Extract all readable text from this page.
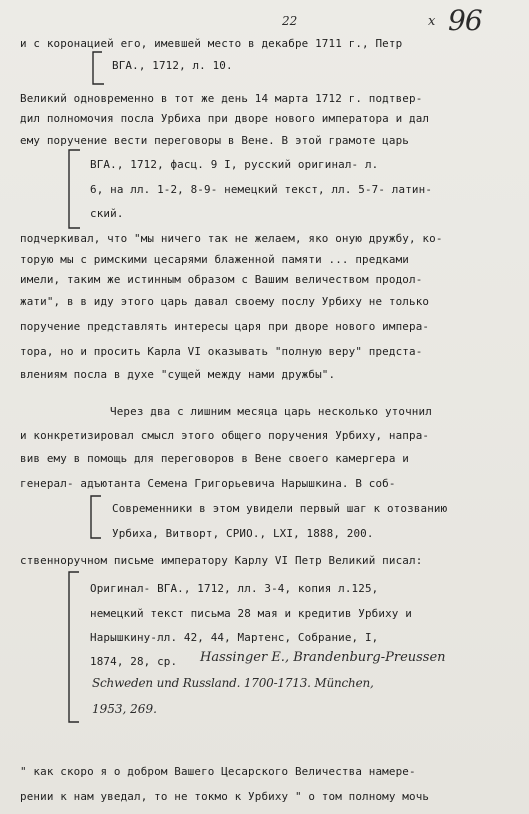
22	96
x
и с коронацией его, имевшей место в декабре 1711 г., Петр
ВГА., 1712, л. 10.
Великий одновременно в тот же день 14 марта 1712 г. подтвер-
дил полномочия посла Урбиха при дворе нового императора и дал
ему поручение вести переговоры в Вене. В этой грамоте царь
ВГА., 1712, фасц. 9 I, русский оригинал- л.
6, на лл. 1-2, 8-9- немецкий текст, лл. 5-7- латин-
ский.
подчеркивал, что "мы ничего так не желаем, яко оную дружбу, ко-
торую мы с римскими цесарями блаженной памяти ... предками
имели, таким же истинным образом с Вашим величеством продол-
жати", в в иду этого царь давал своему послу Урбиху не только
поручение представлять интересы царя при дворе нового импера-
тора, но и просить Карла VI оказывать "полную веру" предста-
влениям посла в духе "сущей между нами дружбы".
Через два с лишним месяца царь несколько уточнил
и конкретизировал смысл этого общего поручения Урбиху, напра-
вив ему в помощь для переговоров в Вене своего камергера и
генерал- адъютанта Семена Григорьевича Нарышкина. В соб-
Современники в этом увидели первый шаг к отозванию
Урбиха, Витворт, СРИО., LXI, 1888, 200.
ственноручном письме императору Карлу VI Петр Великий писал:
Оригинал- ВГА., 1712, лл. 3-4, копия л.125,
немецкий текст письма 28 мая и кредитив Урбиху и
Нарышкину-лл. 42, 44, Мартенс, Собрание, I,
1874, 28, ср. Hassinger E., Brandenburg-Preussen
Schweden und Russland. 1700-1713. München,
1953, 269.
" как скоро я о добром Вашего Цесарского Величества намере-
рении к нам уведал, то не токмо к Урбиху " о том полному мочь
